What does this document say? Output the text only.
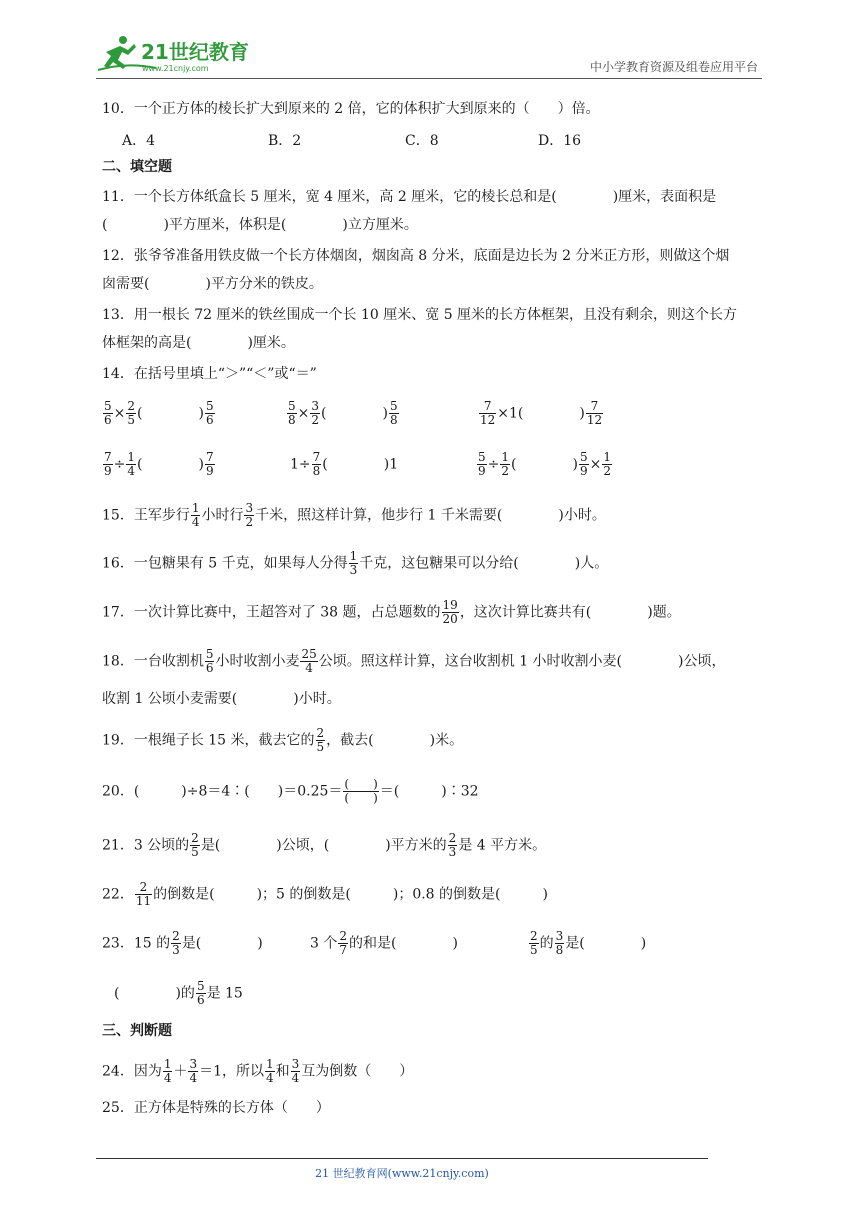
21世纪教育
www.21cnjy.com	中小学教育资源及组卷应用平台
10．一个正方体的棱长扩大到原来的 2 倍，它的体积扩大到原来的（　　）倍。
A．4	B．2	C．8	D．16
二、填空题
11．一个长方体纸盒长 5 厘米，宽 4 厘米，高 2 厘米，它的棱长总和是(　　　　)厘米，表面积是
(　　　　)平方厘米，体积是(　　　　)立方厘米。
12．张爷爷准备用铁皮做一个长方体烟囱，烟囱高 8 分米，底面是边长为 2 分米正方形，则做这个烟
囱需要(　　　　)平方分米的铁皮。
13．用一根长 72 厘米的铁丝围成一个长 10 厘米、宽 5 厘米的长方体框架，且没有剩余，则这个长方
体框架的高是(　　　　)厘米。
14．在括号里填上“＞”“＜”或“＝”
$\frac{5}{6} \times \frac{2}{5}$ (　　　　) $\frac{5}{6}$	$\frac{5}{8} \times \frac{3}{2}$ (　　　　) $\frac{5}{8}$	$\frac{7}{12} \times 1$(　　　　) $\frac{7}{12}$
$\frac{7}{9} \div \frac{1}{4}$ (　　　　) $\frac{7}{9}$	$1\div \frac{7}{8}$ (　　　　)1	$\frac{5}{9} \div \frac{1}{2}$ (　　　　) $\frac{5}{9} \times \frac{1}{2}$
15．王军步行 $\frac{1}{4}$ 小时行 $\frac{3}{2}$ 千米，照这样计算，他步行 1 千米需要(　　　　)小时。
16．一包糖果有 5 千克，如果每人分得 $\frac{1}{3}$ 千克，这包糖果可以分给(　　　　)人。
17．一次计算比赛中，王超答对了 38 题，占总题数的 $\frac{19}{20}$ ，这次计算比赛共有(　　　　)题。
18．一台收割机 $\frac{5}{6}$ 小时收割小麦 $\frac{25}{4}$ 公顷。照这样计算，这台收割机 1 小时收割小麦(　　　　)公顷，
收割 1 公顷小麦需要(　　　　)小时。
19．一根绳子长 15 米，截去它的 $\frac{2}{5}$ ，截去(　　　　)米。
20．(　　　)÷8＝4∶(　　)$=0.25= \frac{( )}{( )}$ ＝(　　　)∶32
21．3 公顷的 $\frac{2}{5}$ 是(　　　　)公顷，(　　　　)平方米的 $\frac{2}{3}$ 是 4 平方米。
22． $\frac{2}{11}$ 的倒数是(　　　)；5 的倒数是(　　　)；0.8 的倒数是(　　　)
23．15 的 $\frac{2}{3}$ 是(　　　　)	3 个 $\frac{2}{7}$ 的和是(　　　　)	$\frac{2}{5}$ 的 $\frac{3}{8}$ 是(　　　　)
(　　　　)的 $\frac{5}{6}$ 是 15
三、判断题
24．因为 $\frac{1}{4} + \frac{3}{4} =1$，所以 $\frac{1}{4}$ 和 $\frac{3}{4}$ 互为倒数（　　）
25．正方体是特殊的长方体（　　）
21 世纪教育网(www.21cnjy.com)
